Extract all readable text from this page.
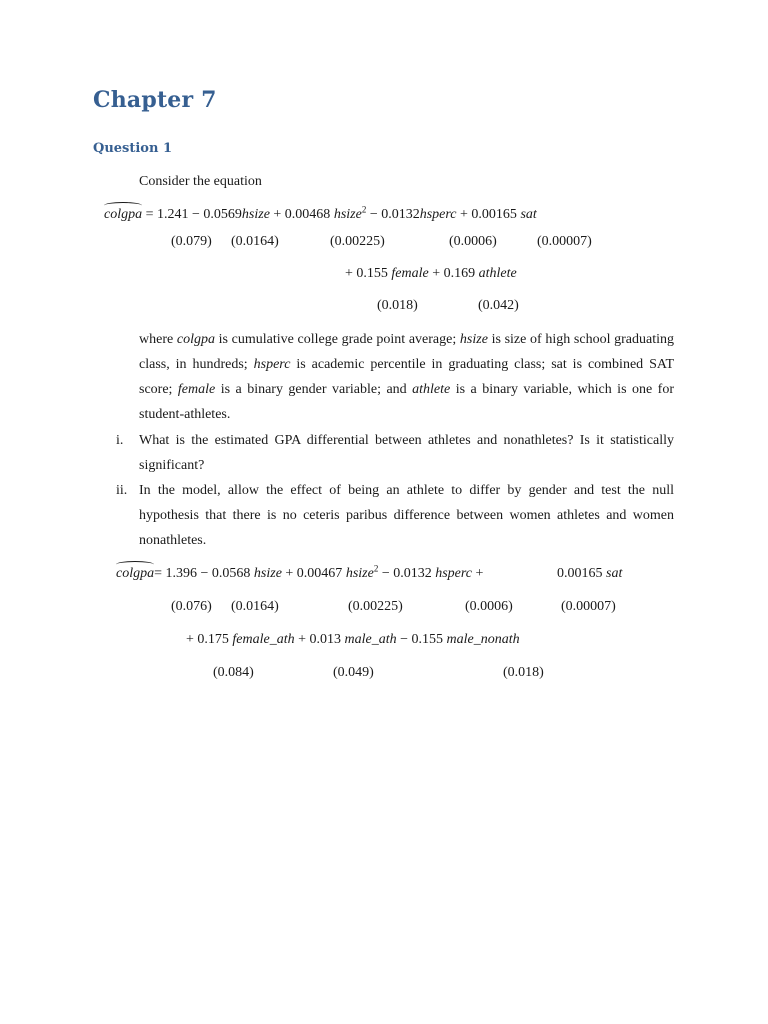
Chapter 7
Question 1
Consider the equation
colgpa = 1.241 − 0.0569hsize + 0.00468 hsize$^2$ − 0.0132hsperc + 0.00165 sat
(0.079) (0.0164)	(0.00225)	(0.0006)	(0.00007)
+ 0.155 female + 0.169 athlete
(0.018)	(0.042)
where colgpa is cumulative college grade point average; hsize is size of high school graduating class, in hundreds; hsperc is academic percentile in graduating class; sat is combined SAT score; female is a binary gender variable; and athlete is a binary variable, which is one for student-athletes.
i. What is the estimated GPA differential between athletes and nonathletes? Is it statistically significant?
ii. In the model, allow the effect of being an athlete to differ by gender and test the null hypothesis that there is no ceteris paribus difference between women athletes and women nonathletes.
colgpa= 1.396 − 0.0568 hsize + 0.00467 hsize$^2$ − 0.0132 hsperc +	0.00165 sat
(0.076) (0.0164)	(0.00225)	(0.0006)	(0.00007)
+ 0.175 female_ath + 0.013 male_ath − 0.155 male_nonath
(0.084)	(0.049)	(0.018)
